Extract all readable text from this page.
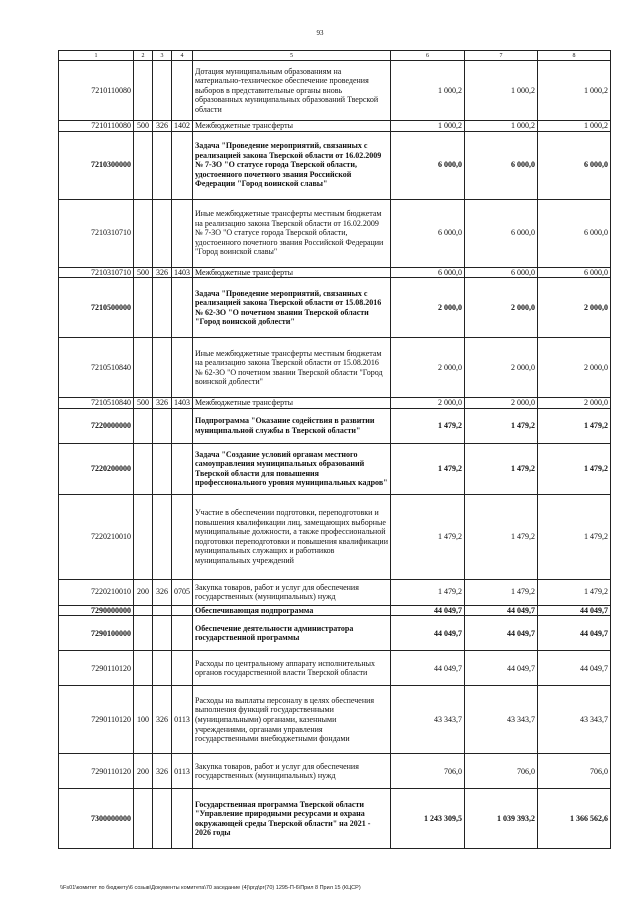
93
1	2	3	4	5	6	7	8
7210110080				Дотация муниципальным образованиям на материально-техническое обеспечение проведения выборов в представительные органы вновь образованных муниципальных образований Тверской области	1 000,2	1 000,2	1 000,2
7210110080	500	326	1402	Межбюджетные трансферты	1 000,2	1 000,2	1 000,2
7210300000				Задача "Проведение мероприятий, связанных с реализацией закона Тверской области от 16.02.2009 № 7-ЗО "О статусе города Тверской области, удостоенного почетного звания Российской Федерации "Город воинской славы"	6 000,0	6 000,0	6 000,0
7210310710				Иные межбюджетные трансферты местным бюджетам на реализацию закона Тверской области от 16.02.2009 № 7-ЗО "О статусе города Тверской области, удостоенного почетного звания Российской Федерации "Город воинской славы"	6 000,0	6 000,0	6 000,0
7210310710	500	326	1403	Межбюджетные трансферты	6 000,0	6 000,0	6 000,0
7210500000				Задача "Проведение мероприятий, связанных с реализацией закона Тверской области от 15.08.2016 № 62-ЗО "О почетном звании Тверской области "Город воинской доблести"	2 000,0	2 000,0	2 000,0
7210510840				Иные межбюджетные трансферты местным бюджетам на реализацию закона Тверской области от 15.08.2016 № 62-ЗО "О почетном звании Тверской области "Город воинской доблести"	2 000,0	2 000,0	2 000,0
7210510840	500	326	1403	Межбюджетные трансферты	2 000,0	2 000,0	2 000,0
7220000000				Подпрограмма "Оказание содействия в развитии муниципальной службы в Тверской области"	1 479,2	1 479,2	1 479,2
7220200000				Задача "Создание условий органам местного самоуправления муниципальных образований Тверской области для повышения профессионального уровня муниципальных кадров"	1 479,2	1 479,2	1 479,2
7220210010				Участие в обеспечении подготовки, переподготовки и повышения квалификации лиц, замещающих выборные муниципальные должности, а также профессиональной подготовки переподготовки и повышения квалификации муниципальных служащих и работников муниципальных учреждений	1 479,2	1 479,2	1 479,2
7220210010	200	326	0705	Закупка товаров, работ и услуг для обеспечения государственных (муниципальных) нужд	1 479,2	1 479,2	1 479,2
7290000000				Обеспечивающая подпрограмма	44 049,7	44 049,7	44 049,7
7290100000				Обеспечение деятельности администратора государственной программы	44 049,7	44 049,7	44 049,7
7290110120				Расходы по центральному аппарату исполнительных органов государственной власти Тверской области	44 049,7	44 049,7	44 049,7
7290110120	100	326	0113	Расходы на выплаты персоналу в целях обеспечения выполнения функций государственными (муниципальными) органами, казенными учреждениями, органами управления государственными внебюджетными фондами	43 343,7	43 343,7	43 343,7
7290110120	200	326	0113	Закупка товаров, работ и услуг для обеспечения государственных (муниципальных) нужд	706,0	706,0	706,0
7300000000				Государственная программа Тверской области "Управление природными ресурсами и охрана окружающей среды Тверской области" на 2021 - 2026 годы	1 243 309,5	1 039 393,2	1 366 562,6
\\Fs01\комитет по бюджету\6 созыв\Документы комитета\70 заседание (4)\ргд\pr(70) 1295-П-6\Прил 8 Прил 15 (КЦСР)
